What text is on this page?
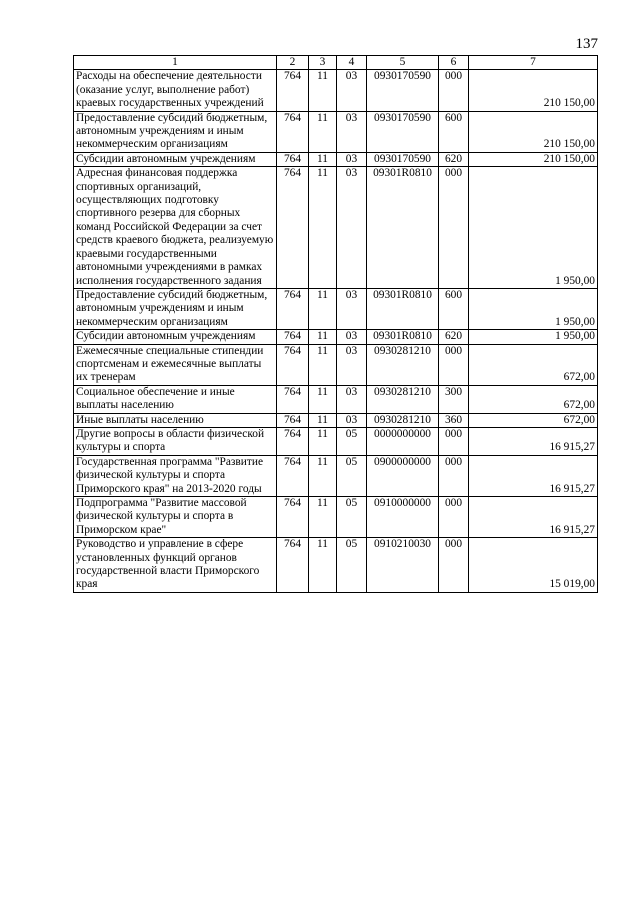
137
1	2	3	4	5	6	7
Расходы на обеспечение деятельности (оказание услуг, выполнение работ) краевых государственных учреждений	764	11	03	0930170590	000	210 150,00
Предоставление субсидий бюджетным, автономным учреждениям и иным некоммерческим организациям	764	11	03	0930170590	600	210 150,00
Субсидии автономным учреждениям	764	11	03	0930170590	620	210 150,00
Адресная финансовая поддержка спортивных организаций, осуществляющих подготовку спортивного резерва для сборных команд Российской Федерации за счет средств краевого бюджета, реализуемую краевыми государственными автономными учреждениями в рамках исполнения государственного задания	764	11	03	09301R0810	000	1 950,00
Предоставление субсидий бюджетным, автономным учреждениям и иным некоммерческим организациям	764	11	03	09301R0810	600	1 950,00
Субсидии автономным учреждениям	764	11	03	09301R0810	620	1 950,00
Ежемесячные специальные стипендии спортсменам и ежемесячные выплаты их тренерам	764	11	03	0930281210	000	672,00
Социальное обеспечение и иные выплаты населению	764	11	03	0930281210	300	672,00
Иные выплаты населению	764	11	03	0930281210	360	672,00
Другие вопросы в области физической культуры и спорта	764	11	05	0000000000	000	16 915,27
Государственная программа "Развитие физической культуры и спорта Приморского края" на 2013-2020 годы	764	11	05	0900000000	000	16 915,27
Подпрограмма "Развитие массовой физической культуры и спорта в Приморском крае"	764	11	05	0910000000	000	16 915,27
Руководство и управление в сфере установленных функций органов государственной власти Приморского края	764	11	05	0910210030	000	15 019,00
